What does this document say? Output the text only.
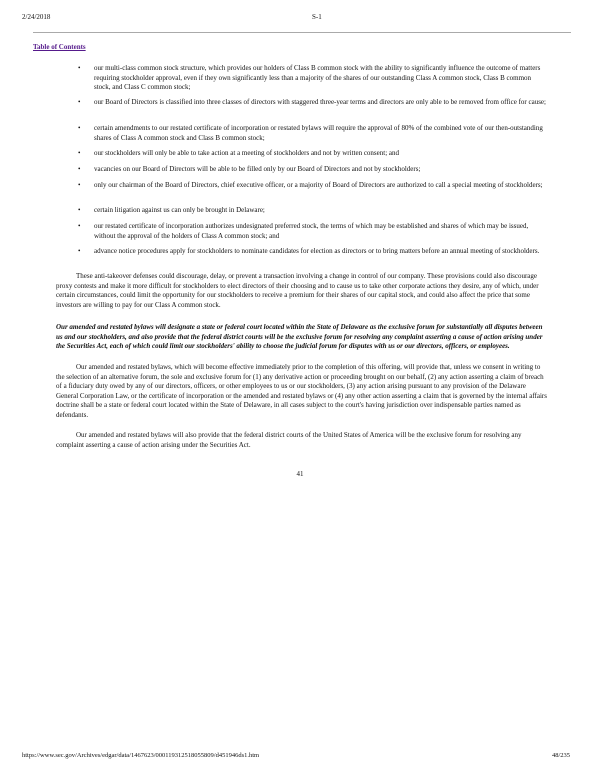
2/24/2018	S-1
Table of Contents
• our multi-class common stock structure, which provides our holders of Class B common stock with the ability to significantly influence the outcome of matters requiring stockholder approval, even if they own significantly less than a majority of the shares of our outstanding Class A common stock, Class B common stock, and Class C common stock;
• our Board of Directors is classified into three classes of directors with staggered three-year terms and directors are only able to be removed from office for cause;
• certain amendments to our restated certificate of incorporation or restated bylaws will require the approval of 80% of the combined vote of our then-outstanding shares of Class A common stock and Class B common stock;
• our stockholders will only be able to take action at a meeting of stockholders and not by written consent; and
• vacancies on our Board of Directors will be able to be filled only by our Board of Directors and not by stockholders;
• only our chairman of the Board of Directors, chief executive officer, or a majority of Board of Directors are authorized to call a special meeting of stockholders;
• certain litigation against us can only be brought in Delaware;
• our restated certificate of incorporation authorizes undesignated preferred stock, the terms of which may be established and shares of which may be issued, without the approval of the holders of Class A common stock; and
• advance notice procedures apply for stockholders to nominate candidates for election as directors or to bring matters before an annual meeting of stockholders.
These anti-takeover defenses could discourage, delay, or prevent a transaction involving a change in control of our company. These provisions could also discourage proxy contests and make it more difficult for stockholders to elect directors of their choosing and to cause us to take other corporate actions they desire, any of which, under certain circumstances, could limit the opportunity for our stockholders to receive a premium for their shares of our capital stock, and could also affect the price that some investors are willing to pay for our Class A common stock.
Our amended and restated bylaws will designate a state or federal court located within the State of Delaware as the exclusive forum for substantially all disputes between us and our stockholders, and also provide that the federal district courts will be the exclusive forum for resolving any complaint asserting a cause of action arising under the Securities Act, each of which could limit our stockholders' ability to choose the judicial forum for disputes with us or our directors, officers, or employees.
Our amended and restated bylaws, which will become effective immediately prior to the completion of this offering, will provide that, unless we consent in writing to the selection of an alternative forum, the sole and exclusive forum for (1) any derivative action or proceeding brought on our behalf, (2) any action asserting a claim of breach of a fiduciary duty owed by any of our directors, officers, or other employees to us or our stockholders, (3) any action arising pursuant to any provision of the Delaware General Corporation Law, or the certificate of incorporation or the amended and restated bylaws or (4) any other action asserting a claim that is governed by the internal affairs doctrine shall be a state or federal court located within the State of Delaware, in all cases subject to the court's having jurisdiction over indispensable parties named as defendants.
Our amended and restated bylaws will also provide that the federal district courts of the United States of America will be the exclusive forum for resolving any complaint asserting a cause of action arising under the Securities Act.
41
https://www.sec.gov/Archives/edgar/data/1467623/000119312518055809/d451946ds1.htm	48/235
